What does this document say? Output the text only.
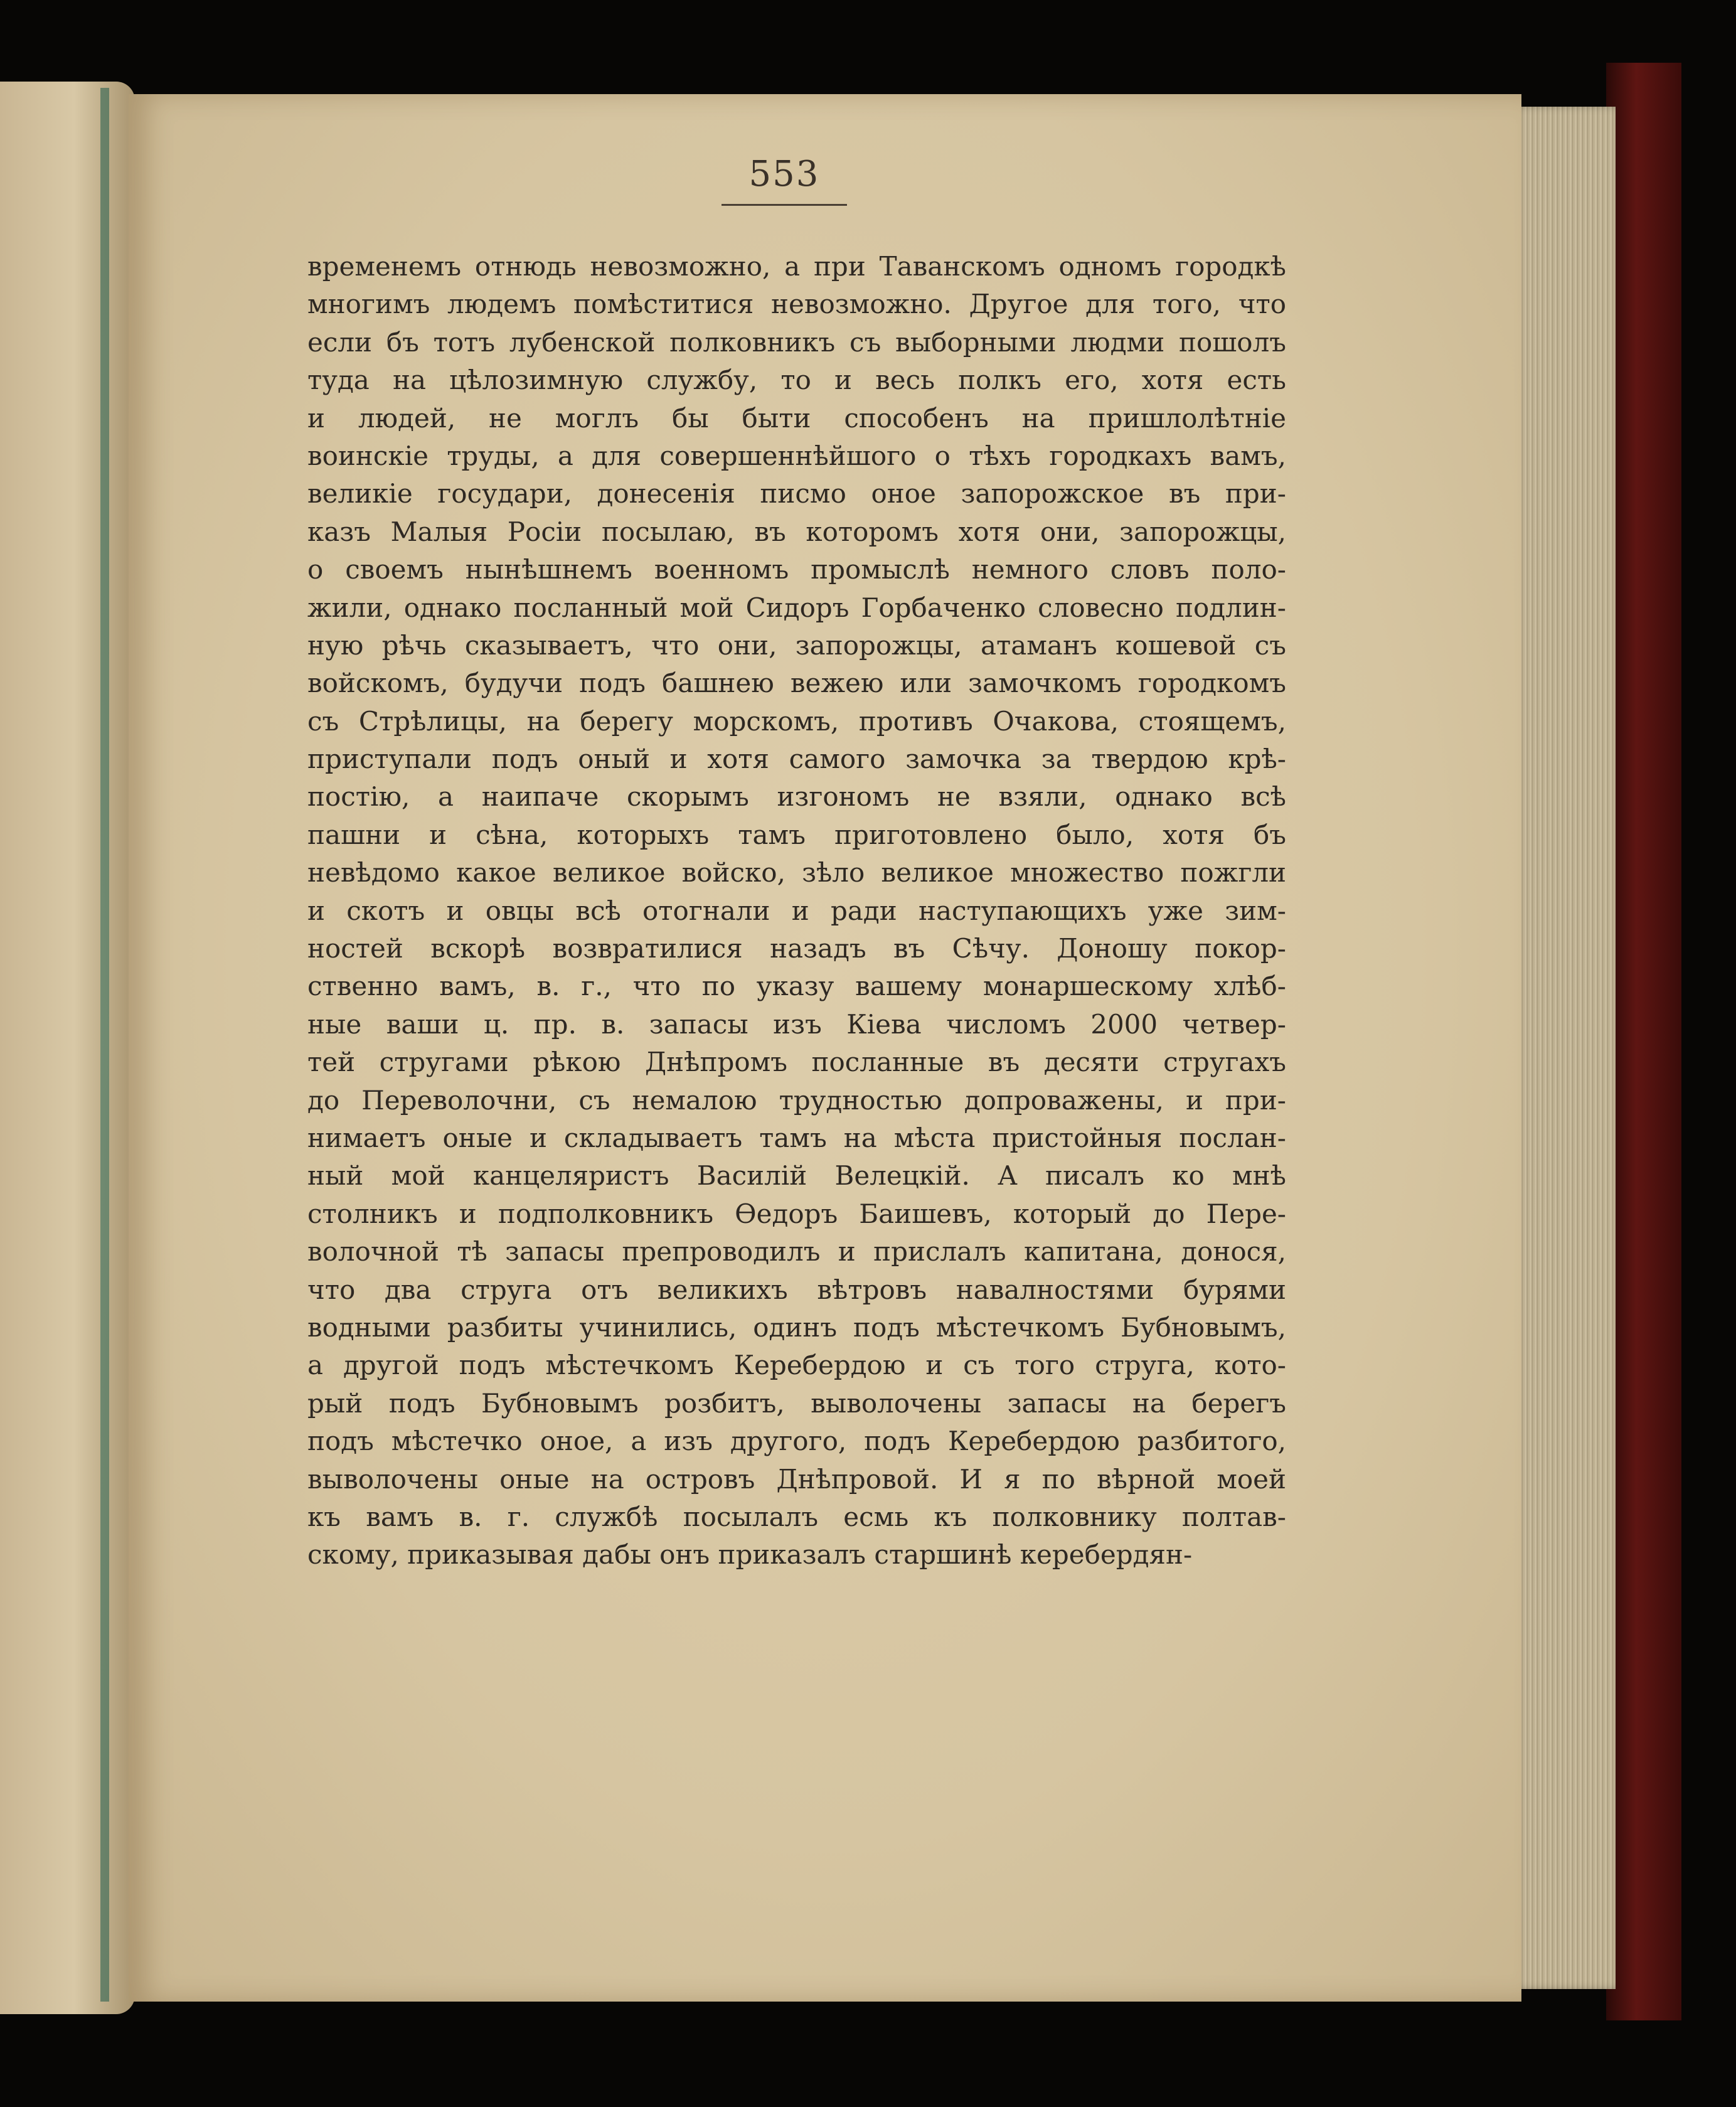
553
временемъ отнюдь невозможно, а при Таванскомъ одномъ городкѣ
многимъ людемъ помѣститися невозможно. Другое для того, что
если бъ тотъ лубенской полковникъ съ выборными людми пошолъ
туда на цѣлозимную службу, то и весь полкъ его, хотя есть
и людей, не моглъ бы быти способенъ на пришлолѣтніе
воинскіе труды, а для совершеннѣйшого о тѣхъ городкахъ вамъ,
великіе государи, донесенія писмо оное запорожское въ при-
казъ Малыя Росіи посылаю, въ которомъ хотя они, запорожцы,
о своемъ нынѣшнемъ военномъ промыслѣ немного словъ поло-
жили, однако посланный мой Сидоръ Горбаченко словесно подлин-
ную рѣчь сказываетъ, что они, запорожцы, атаманъ кошевой съ
войскомъ, будучи подъ башнею вежею или замочкомъ городкомъ
съ Стрѣлицы, на берегу морскомъ, противъ Очакова, стоящемъ,
приступали подъ оный и хотя самого замочка за твердою крѣ-
постію, а наипаче скорымъ изгономъ не взяли, однако всѣ
пашни и сѣна, которыхъ тамъ приготовлено было, хотя бъ
невѣдомо какое великое войско, зѣло великое множество пожгли
и скотъ и овцы всѣ отогнали и ради наступающихъ уже зим-
ностей вскорѣ возвратилися назадъ въ Сѣчу. Доношу покор-
ственно вамъ, в. г., что по указу вашему монаршескому хлѣб-
ные ваши ц. пр. в. запасы изъ Кіева числомъ 2000 четвер-
тей стругами рѣкою Днѣпромъ посланные въ десяти стругахъ
до Переволочни, съ немалою трудностью допроважены, и при-
нимаетъ оные и складываетъ тамъ на мѣста пристойныя послан-
ный мой канцеляристъ Василій Велецкій. А писалъ ко мнѣ
столникъ и подполковникъ Ѳедоръ Баишевъ, который до Пере-
волочной тѣ запасы препроводилъ и прислалъ капитана, донося,
что два струга отъ великихъ вѣтровъ навалностями бурями
водными разбиты учинились, одинъ подъ мѣстечкомъ Бубновымъ,
а другой подъ мѣстечкомъ Керебердою и съ того струга, кото-
рый подъ Бубновымъ розбитъ, выволочены запасы на берегъ
подъ мѣстечко оное, а изъ другого, подъ Керебердою разбитого,
выволочены оные на островъ Днѣпровой. И я по вѣрной моей
къ вамъ в. г. службѣ посылалъ есмь къ полковнику полтав-
скому, приказывая дабы онъ приказалъ старшинѣ керебердян-
